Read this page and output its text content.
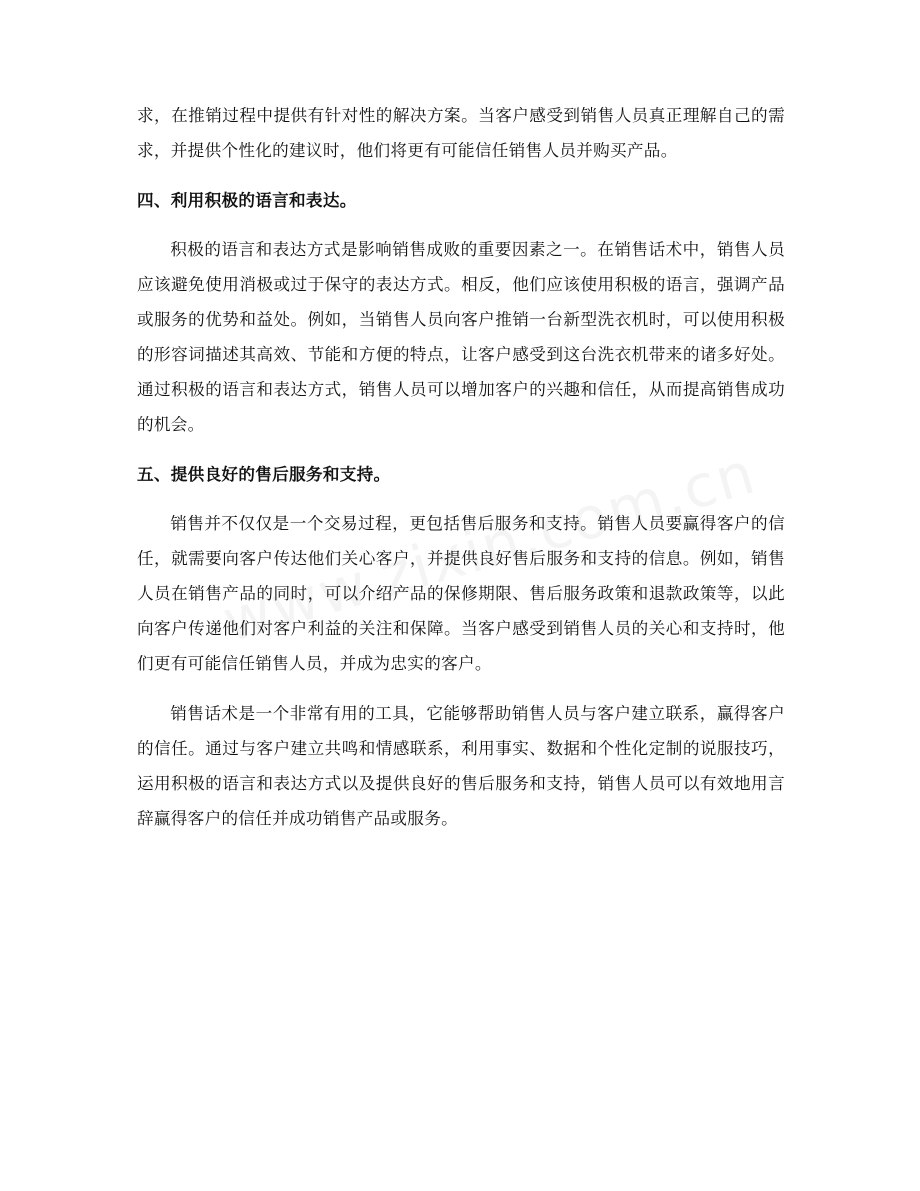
求，在推销过程中提供有针对性的解决方案。当客户感受到销售人员真正理解自己的需求，并提供个性化的建议时，他们将更有可能信任销售人员并购买产品。

四、利用积极的语言和表达。

积极的语言和表达方式是影响销售成败的重要因素之一。在销售话术中，销售人员应该避免使用消极或过于保守的表达方式。相反，他们应该使用积极的语言，强调产品或服务的优势和益处。例如，当销售人员向客户推销一台新型洗衣机时，可以使用积极的形容词描述其高效、节能和方便的特点，让客户感受到这台洗衣机带来的诸多好处。通过积极的语言和表达方式，销售人员可以增加客户的兴趣和信任，从而提高销售成功的机会。

五、提供良好的售后服务和支持。

销售并不仅仅是一个交易过程，更包括售后服务和支持。销售人员要赢得客户的信任，就需要向客户传达他们关心客户，并提供良好售后服务和支持的信息。例如，销售人员在销售产品的同时，可以介绍产品的保修期限、售后服务政策和退款政策等，以此向客户传递他们对客户利益的关注和保障。当客户感受到销售人员的关心和支持时，他们更有可能信任销售人员，并成为忠实的客户。

销售话术是一个非常有用的工具，它能够帮助销售人员与客户建立联系，赢得客户的信任。通过与客户建立共鸣和情感联系，利用事实、数据和个性化定制的说服技巧，运用积极的语言和表达方式以及提供良好的售后服务和支持，销售人员可以有效地用言辞赢得客户的信任并成功销售产品或服务。
